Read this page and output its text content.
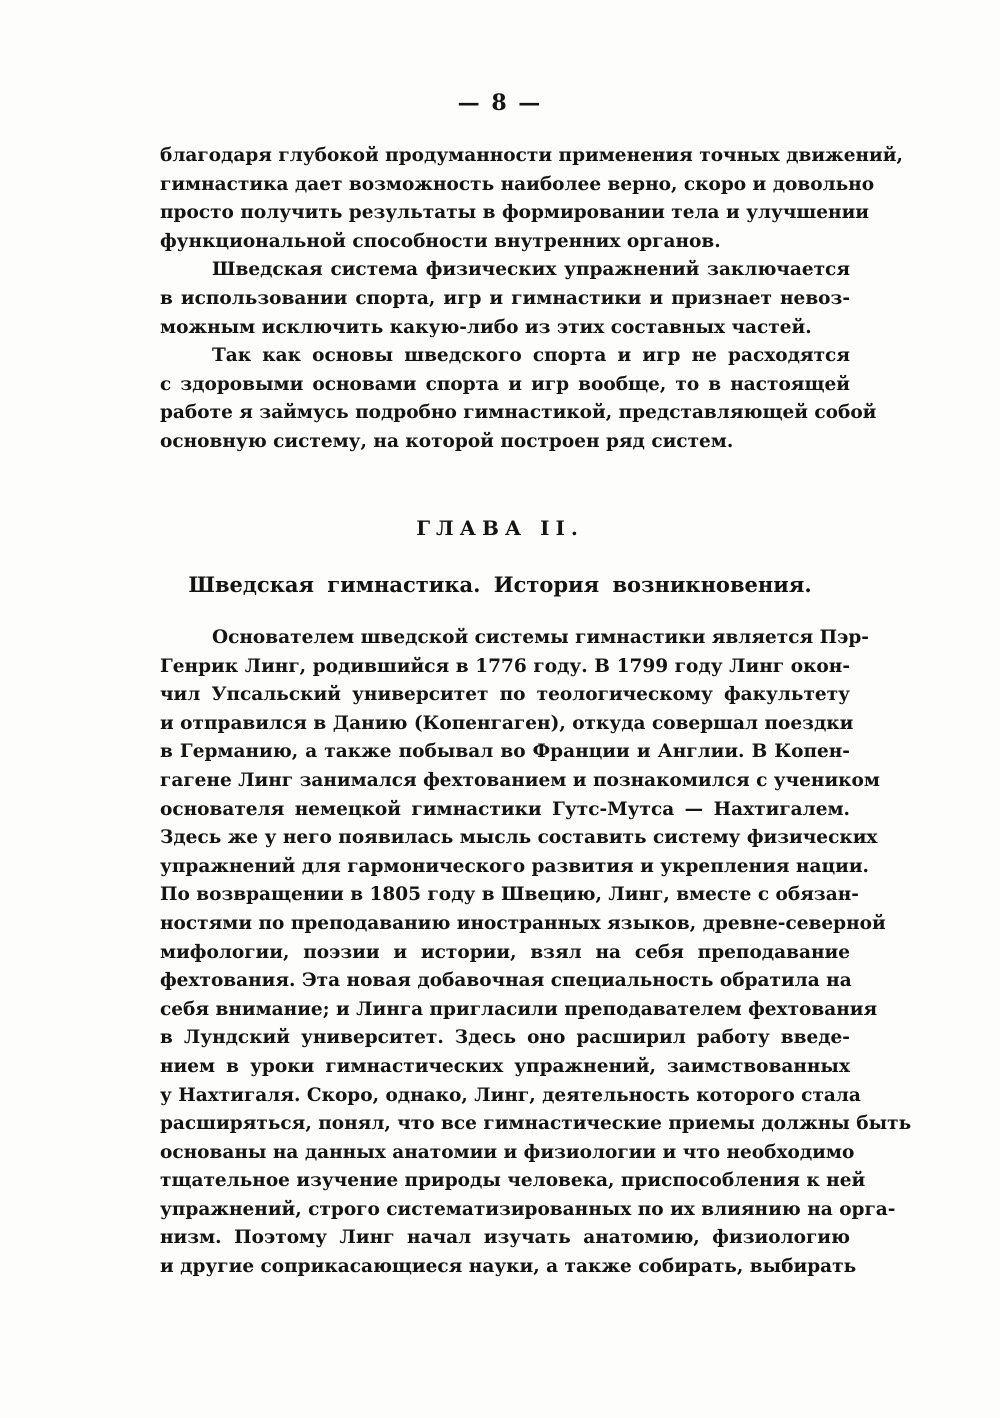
— 8 —
благодаря глубокой продуманности применения точных движений,
гимнастика дает возможность наиболее верно, скоро и довольно
просто получить результаты в формировании тела и улучшении
функциональной способности внутренних органов.
Шведская система физических упражнений заключается
в использовании спорта, игр и гимнастики и признает невоз-
можным исключить какую-либо из этих составных частей.
Так как основы шведского спорта и игр не расходятся
с здоровыми основами спорта и игр вообще, то в настоящей
работе я займусь подробно гимнастикой, представляющей собой
основную систему, на которой построен ряд систем.
ГЛАВА II.
Шведская гимнастика. История возникновения.
Основателем шведской системы гимнастики является Пэр-
Генрик Линг, родившийся в 1776 году. В 1799 году Линг окон-
чил Упсальский университет по теологическому факультету
и отправился в Данию (Копенгаген), откуда совершал поездки
в Германию, а также побывал во Франции и Англии. В Копен-
гагене Линг занимался фехтованием и познакомился с учеником
основателя немецкой гимнастики Гутс-Мутса — Нахтигалем.
Здесь же у него появилась мысль составить систему физических
упражнений для гармонического развития и укрепления нации.
По возвращении в 1805 году в Швецию, Линг, вместе с обязан-
ностями по преподаванию иностранных языков, древне-северной
мифологии, поэзии и истории, взял на себя преподавание
фехтования. Эта новая добавочная специальность обратила на
себя внимание; и Линга пригласили преподавателем фехтования
в Лундский университет. Здесь оно расширил работу введе-
нием в уроки гимнастических упражнений, заимствованных
у Нахтигаля. Скоро, однако, Линг, деятельность которого стала
расширяться, понял, что все гимнастические приемы должны быть
основаны на данных анатомии и физиологии и что необходимо
тщательное изучение природы человека, приспособления к ней
упражнений, строго систематизированных по их влиянию на орга-
низм. Поэтому Линг начал изучать анатомию, физиологию
и другие соприкасающиеся науки, а также собирать, выбирать
